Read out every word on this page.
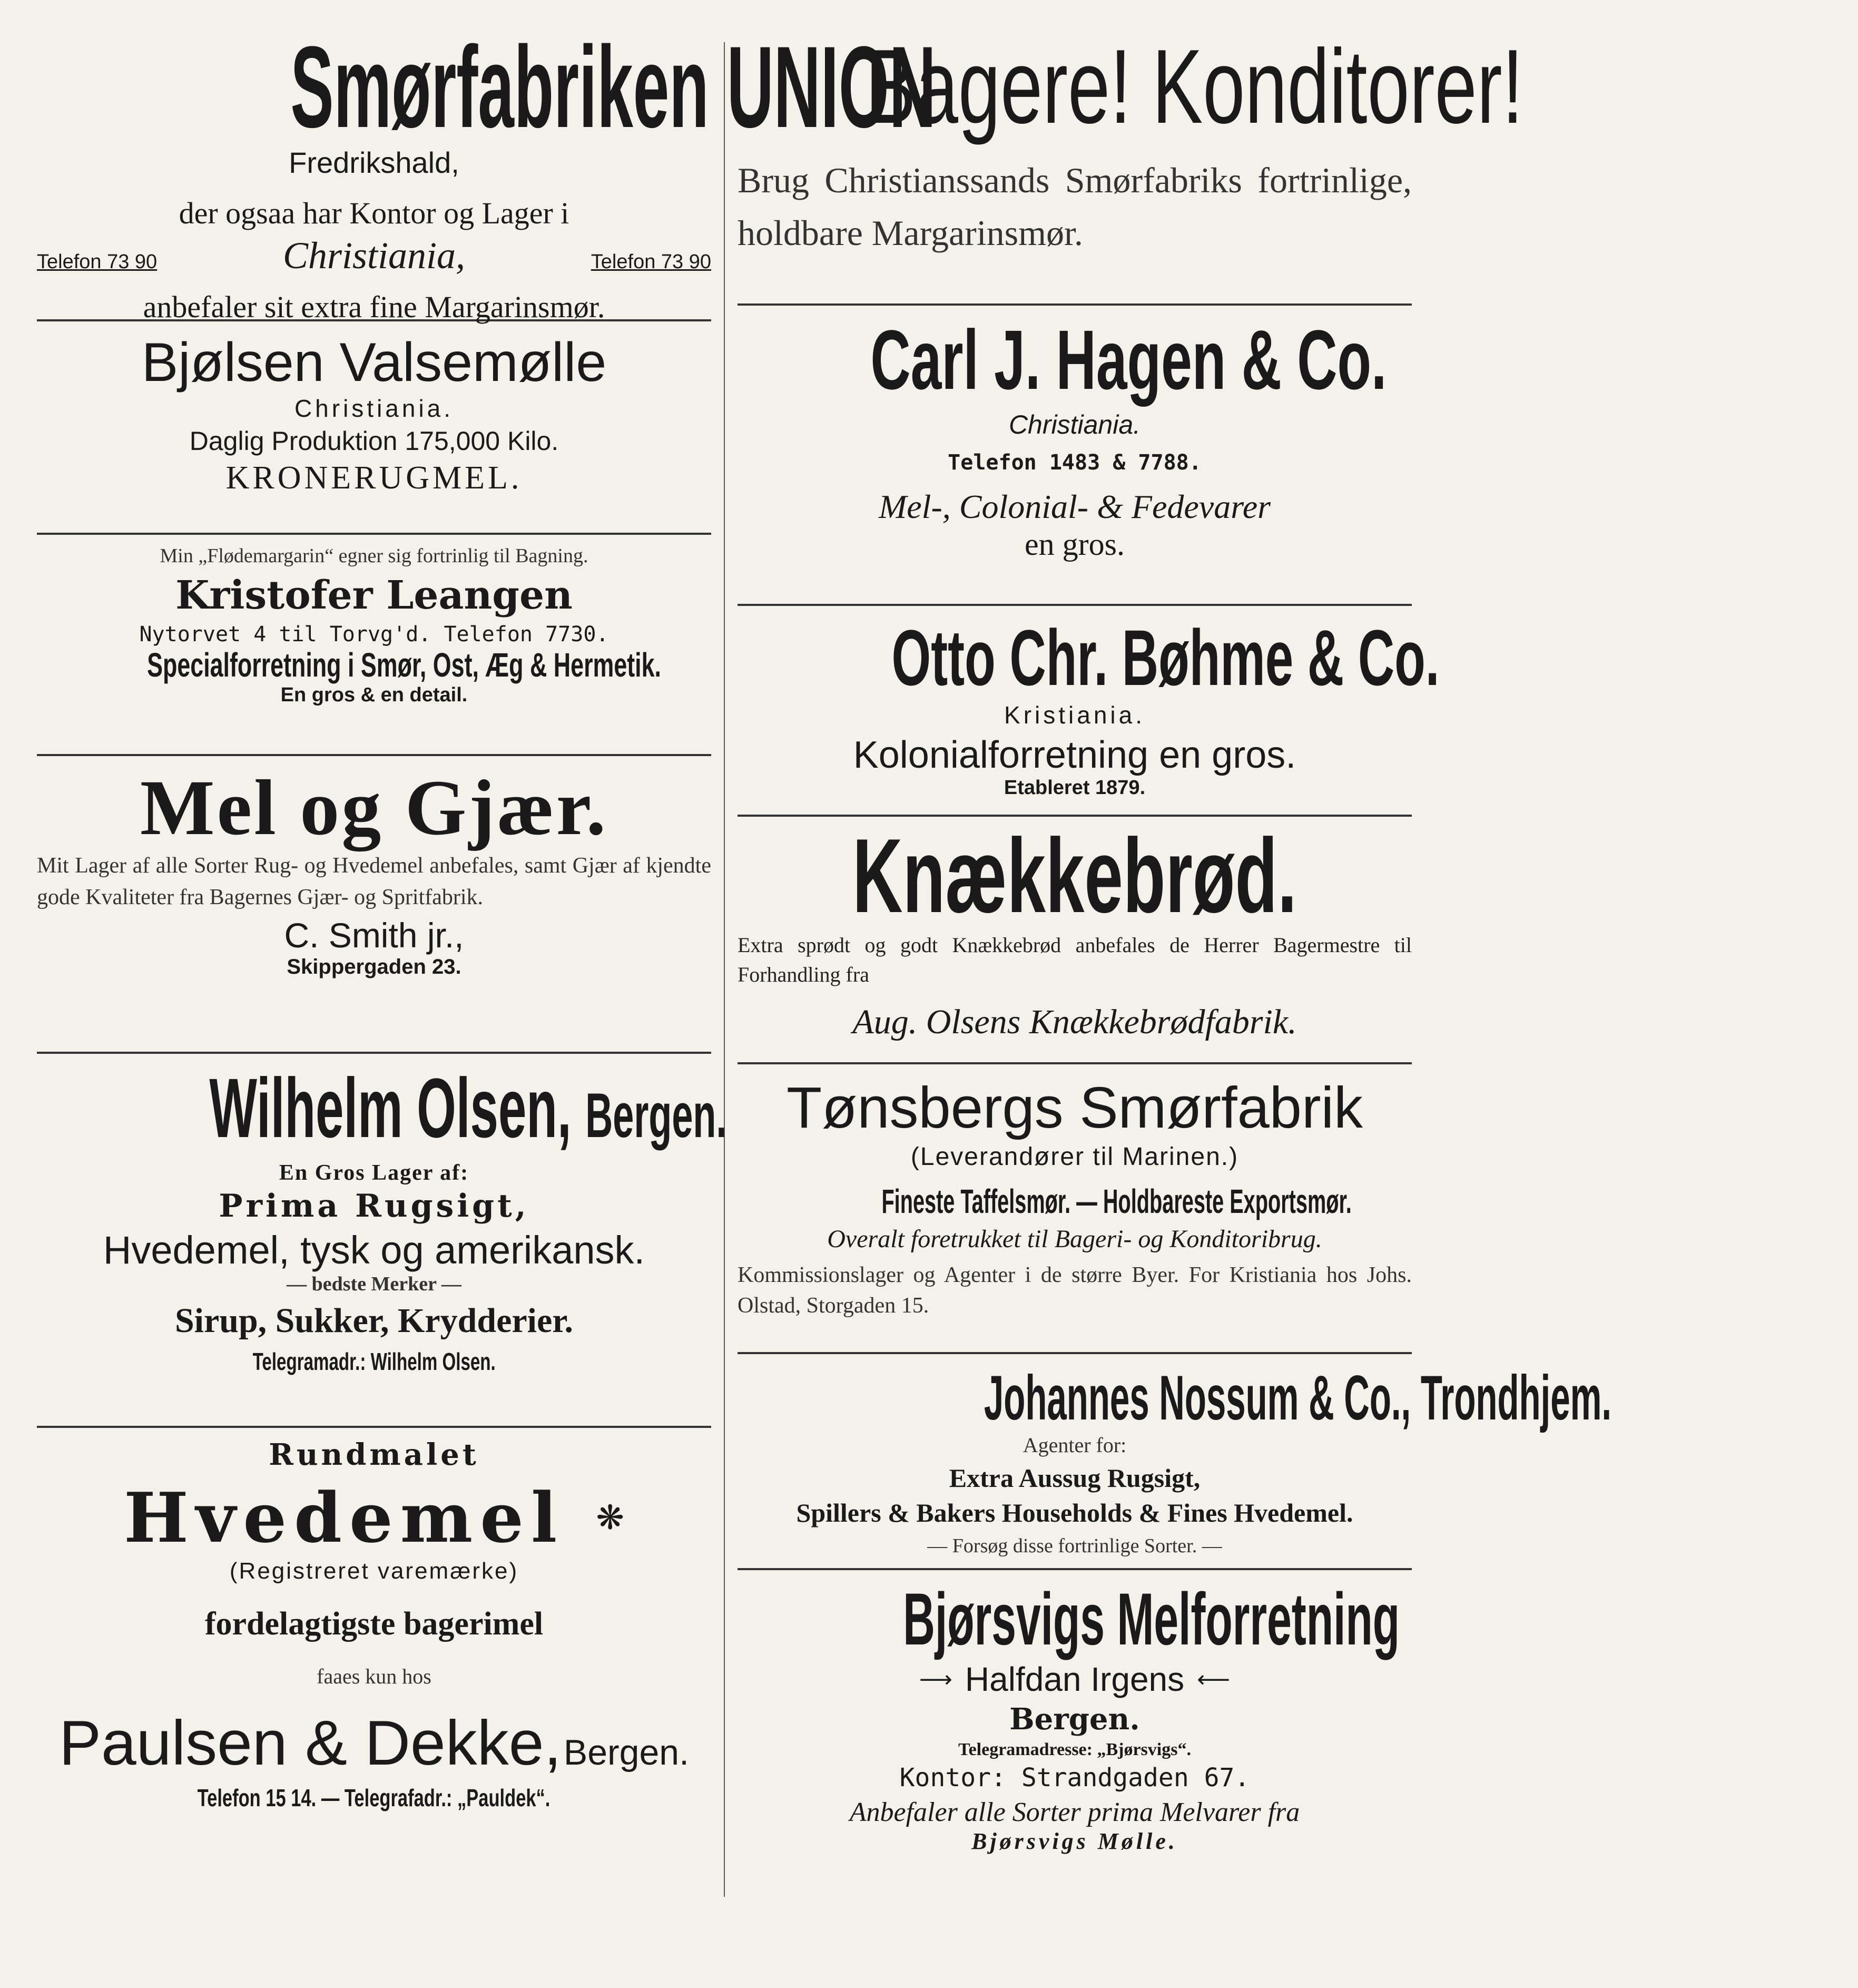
Smørfabriken UNION
Fredrikshald,
der ogsaa har Kontor og Lager i
Telefon 73 90	Christiania,	Telefon 73 90
anbefaler sit extra fine Margarinsmør.
Bjølsen Valsemølle
Christiania.
Daglig Produktion 175,000 Kilo.
KRONERUGMEL.
Min „Flødemargarin“ egner sig fortrinlig til Bagning.
Kristofer Leangen
Nytorvet 4 til Torvg'd. Telefon 7730.
Specialforretning i Smør, Ost, Æg & Hermetik.
En gros & en detail.
Mel og Gjær.
Mit Lager af alle Sorter Rug- og Hvedemel anbefales, samt Gjær af kjendte gode Kvaliteter fra Bagernes Gjær- og Spritfabrik.
C. Smith jr.,
Skippergaden 23.
Wilhelm Olsen, Bergen.
En Gros Lager af:
Prima Rugsigt,
Hvedemel, tysk og amerikansk.
— bedste Merker —
Sirup, Sukker, Krydderier.
Telegramadr.: Wilhelm Olsen.
Rundmalet
Hvedemel ❋
(Registreret varemærke)
fordelagtigste bagerimel
faaes kun hos
Paulsen & Dekke, Bergen.
Telefon 15 14. — Telegrafadr.: „Pauldek“.
Bagere! Konditorer!
Brug Christianssands Smørfabriks fortrinlige, holdbare Margarinsmør.
Carl J. Hagen & Co.
Christiania.
Telefon 1483 & 7788.
Mel-, Colonial- & Fedevarer
en gros.
Otto Chr. Bøhme & Co.
Kristiania.
Kolonialforretning en gros.
Etableret 1879.
Knækkebrød.
Extra sprødt og godt Knækkebrød anbefales de Herrer Bagermestre til Forhandling fra
Aug. Olsens Knækkebrødfabrik.
Tønsbergs Smørfabrik
(Leverandører til Marinen.)
Fineste Taffelsmør. — Holdbareste Exportsmør.
Overalt foretrukket til Bageri- og Konditoribrug.
Kommissionslager og Agenter i de større Byer. For Kristiania hos Johs. Olstad, Storgaden 15.
Johannes Nossum & Co., Trondhjem.
Agenter for:
Extra Aussug Rugsigt,
Spillers & Bakers Households & Fines Hvedemel.
— Forsøg disse fortrinlige Sorter. —
Bjørsvigs Melforretning
⟶ Halfdan Irgens ⟵
Bergen.
Telegramadresse: „Bjørsvigs“.
Kontor: Strandgaden 67.
Anbefaler alle Sorter prima Melvarer fra
Bjørsvigs Mølle.
